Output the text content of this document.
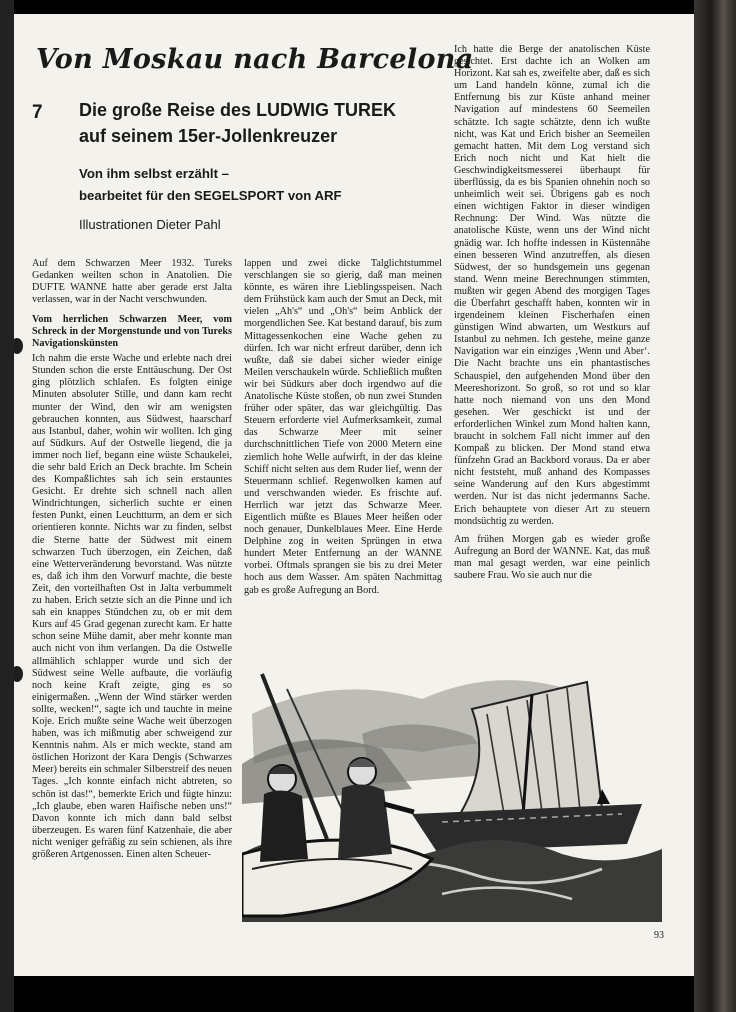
Von Moskau nach Barcelona
7 Die große Reise des LUDWIG TUREK
auf seinem 15er-Jollenkreuzer
Von ihm selbst erzählt –
bearbeitet für den SEGELSPORT von ARF
Illustrationen Dieter Pahl

Auf dem Schwarzen Meer 1932. Tureks Gedanken weilten schon in Anatolien. Die DUFTE WANNE hatte aber gerade erst Jalta verlassen, war in der Nacht verschwunden.

Vom herrlichen Schwarzen Meer, vom Schreck in der Morgenstunde und von Tureks Navigationskünsten

Ich nahm die erste Wache und erlebte nach drei Stunden schon die erste Enttäuschung. Der Ost ging plötzlich schlafen. Es folgten einige Minuten absoluter Stille, und dann kam recht munter der Wind, den wir am wenigsten gebrauchen konnten, aus Südwest, haarscharf aus Istanbul, daher, wohin wir wollten. Ich ging auf Südkurs. Auf der Ostwelle liegend, die ja immer noch lief, begann eine wüste Schaukelei, die sehr bald Erich an Deck brachte. Im Schein des Kompaßlichtes sah ich sein erstauntes Gesicht. Er drehte sich schnell nach allen Windrichtungen, sicherlich suchte er einen festen Punkt, einen Leuchtturm, an dem er sich orientieren konnte. Nichts war zu finden, selbst die Sterne hatte der Südwest mit einem schwarzen Tuch überzogen, ein Zeichen, daß eine Wetterveränderung bevorstand. Was nützte es, daß ich ihm den Vorwurf machte, die beste Zeit, den vorteilhaften Ost in Jalta verbummelt zu haben. Erich setzte sich an die Pinne und ich sah ein knappes Stündchen zu, ob er mit dem Kurs auf 45 Grad gegenan zurecht kam. Er hatte schon seine Mühe damit, aber mehr konnte man auch nicht von ihm verlangen. Da die Ostwelle allmählich schlapper wurde und sich der Südwest seine Welle aufbaute, die vorläufig noch keine Kraft zeigte, ging es so einigermaßen. „Wenn der Wind stärker werden sollte, wecken!“, sagte ich und tauchte in meine Koje. Erich mußte seine Wache weit überzogen haben, was ich mißmutig aber schweigend zur Kenntnis nahm. Als er mich weckte, stand am östlichen Horizont der Kara Dengis (Schwarzes Meer) bereits ein schmaler Silberstreif des neuen Tages. „Ich konnte einfach nicht abtreten, so schön ist das!“, bemerkte Erich und fügte hinzu: „Ich glaube, eben waren Haifische neben uns!“ Davon konnte ich mich dann bald selbst überzeugen. Es waren fünf Katzenhaie, die aber nicht weniger gefräßig zu sein schienen, als ihre größeren Artgenossen. Einen alten Scheuer-

lappen und zwei dicke Talglichtstummel verschlangen sie so gierig, daß man meinen könnte, es wären ihre Lieblingsspeisen. Nach dem Frühstück kam auch der Smut an Deck, mit vielen „Ah's“ und „Oh's“ beim Anblick der morgendlichen See. Kat bestand darauf, bis zum Mittagessenkochen eine Wache gehen zu dürfen. Ich war nicht erfreut darüber, denn ich wußte, daß sie dabei sicher wieder einige Meilen verschaukeln würde. Schließlich mußten wir bei Südkurs aber doch irgendwo auf die Anatolische Küste stoßen, ob nun zwei Stunden früher oder später, das war gleichgültig. Das Steuern erforderte viel Aufmerksamkeit, zumal das Schwarze Meer mit seiner durchschnittlichen Tiefe von 2000 Metern eine ziemlich hohe Welle aufwirft, in der das kleine Schiff nicht selten aus dem Ruder lief, wenn der Steuermann schlief. Regenwolken kamen auf und verschwanden wieder. Es frischte auf. Herrlich war jetzt das Schwarze Meer. Eigentlich müßte es Blaues Meer heißen oder noch genauer, Dunkelblaues Meer. Eine Herde Delphine zog in weiten Sprüngen in etwa hundert Meter Entfernung an der WANNE vorbei. Oftmals sprangen sie bis zu drei Meter hoch aus dem Wasser. Am späten Nachmittag gab es große Aufregung an Bord.

Ich hatte die Berge der anatolischen Küste gesichtet. Erst dachte ich an Wolken am Horizont. Kat sah es, zweifelte aber, daß es sich um Land handeln könne, zumal ich die Entfernung bis zur Küste anhand meiner Navigation auf mindestens 60 Seemeilen schätzte. Ich sagte schätzte, denn ich wußte nicht, was Kat und Erich bisher an Seemeilen gemacht hatten. Mit dem Log verstand sich Erich noch nicht und Kat hielt die Geschwindigkeitsmesserei überhaupt für überflüssig, da es bis Spanien ohnehin noch so unheimlich weit sei. Übrigens gab es noch einen wichtigen Faktor in dieser windigen Rechnung: Der Wind. Was nützte die anatolische Küste, wenn uns der Wind nicht gnädig war. Ich hoffte indessen in Küstennähe einen besseren Wind anzutreffen, als diesen Südwest, der so hundsgemein uns gegenan stand. Wenn meine Berechnungen stimmten, mußten wir gegen Abend des morgigen Tages die Überfahrt geschafft haben, konnten wir in irgendeinem kleinen Fischerhafen einen günstigen Wind abwarten, um Westkurs auf Istanbul zu nehmen. Ich gestehe, meine ganze Navigation war ein einziges ‚Wenn und Aber‘. Die Nacht brachte uns ein phantastisches Schauspiel, den aufgehenden Mond über den Meereshorizont. So groß, so rot und so klar hatte noch niemand von uns den Mond gesehen. Wer geschickt ist und der erforderlichen Winkel zum Mond halten kann, braucht in solchem Fall nicht immer auf den Kompaß zu blicken. Der Mond stand etwa fünfzehn Grad an Backbord voraus. Da er aber nicht feststeht, muß anhand des Kompasses seine Wanderung auf den Kurs abgestimmt werden. Nur ist das nicht jedermanns Sache. Erich behauptete von dieser Art zu steuern mondsüchtig zu werden.

Am frühen Morgen gab es wieder große Aufregung an Bord der WANNE. Kat, das muß man mal gesagt werden, war eine peinlich saubere Frau. Wo sie auch nur die

93
